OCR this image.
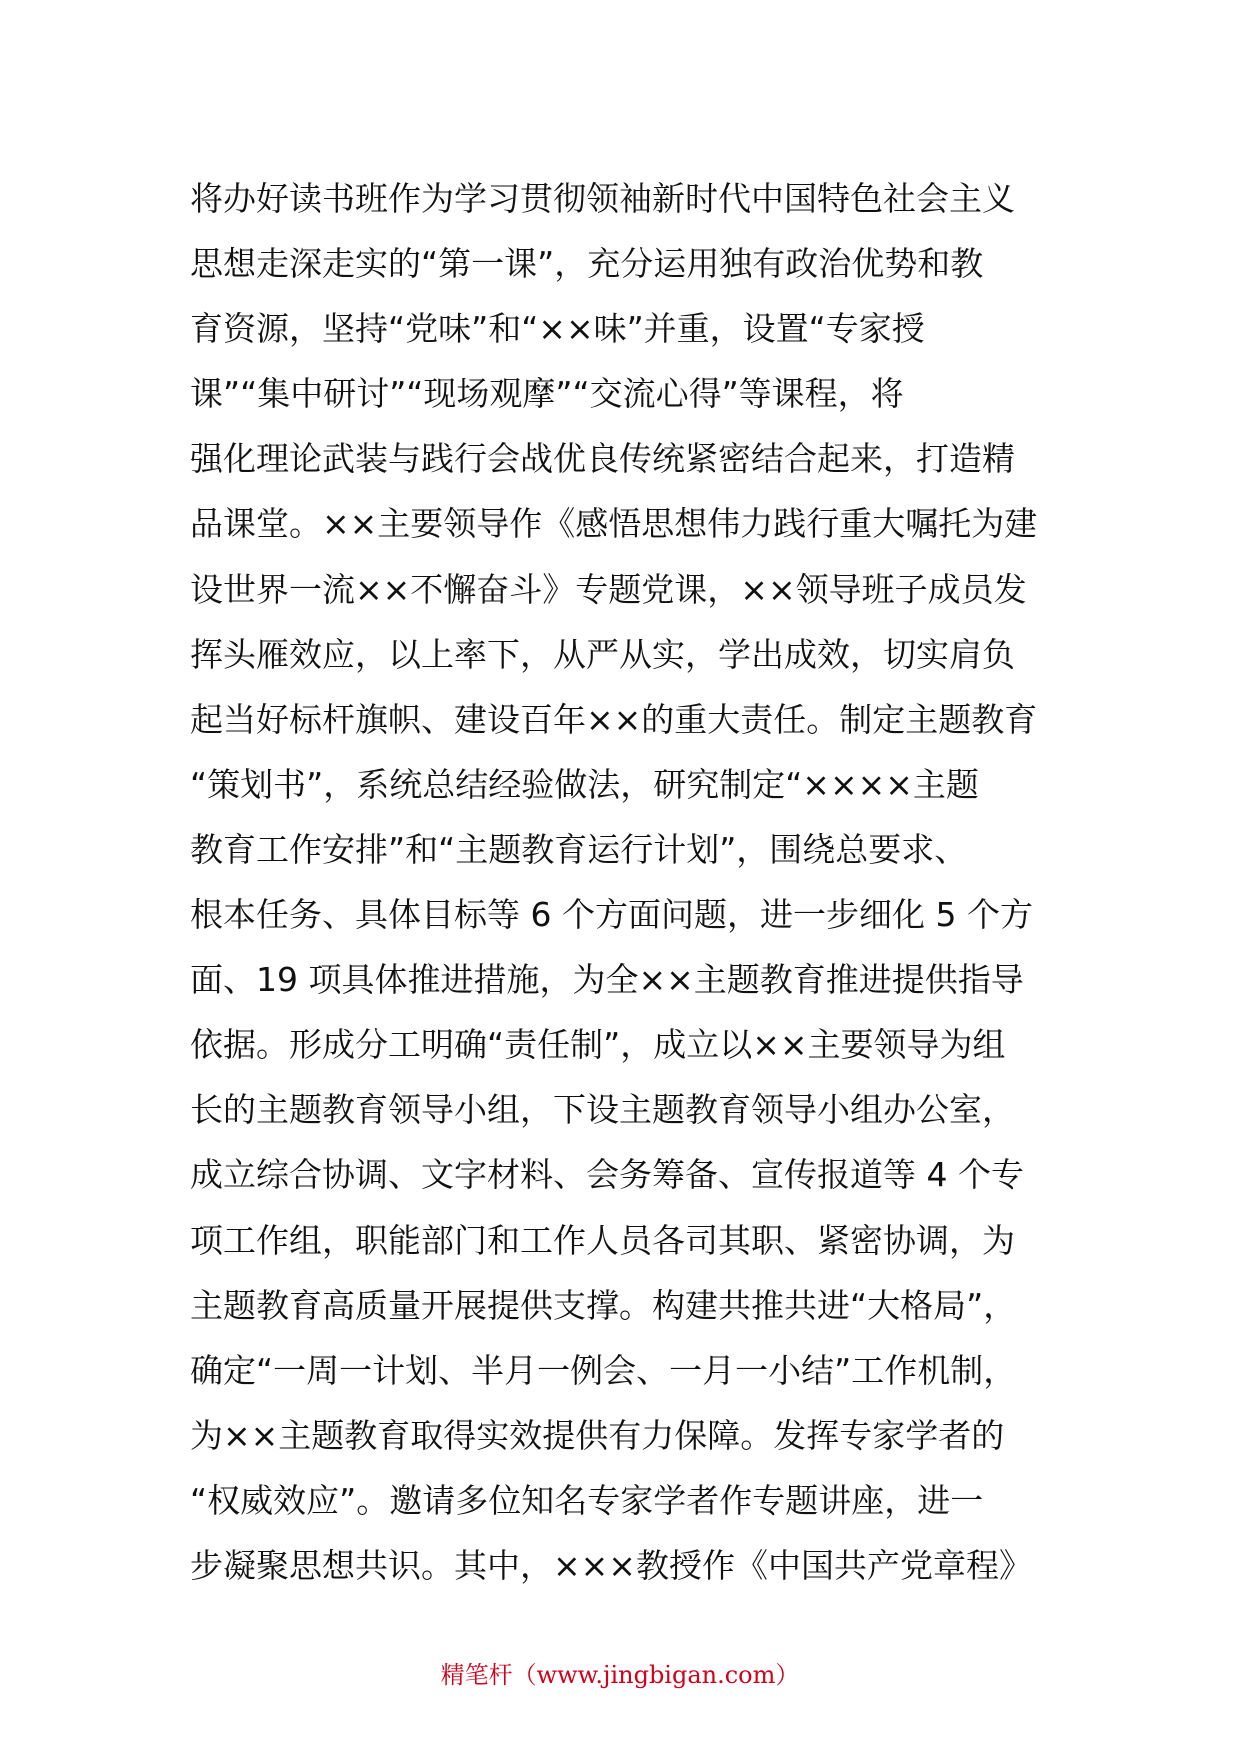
将办好读书班作为学习贯彻领袖新时代中国特色社会主义
思想走深走实的“第一课”，充分运用独有政治优势和教
育资源，坚持“党味”和“××味”并重，设置“专家授
课”“集中研讨”“现场观摩”“交流心得”等课程，将
强化理论武装与践行会战优良传统紧密结合起来，打造精
品课堂。××主要领导作《感悟思想伟力践行重大嘱托为建
设世界一流××不懈奋斗》专题党课，××领导班子成员发
挥头雁效应，以上率下，从严从实，学出成效，切实肩负
起当好标杆旗帜、建设百年××的重大责任。制定主题教育
“策划书”，系统总结经验做法，研究制定“××××主题
教育工作安排”和“主题教育运行计划”，围绕总要求、
根本任务、具体目标等 6 个方面问题，进一步细化 5 个方
面、19 项具体推进措施，为全××主题教育推进提供指导
依据。形成分工明确“责任制”，成立以××主要领导为组
长的主题教育领导小组，下设主题教育领导小组办公室，
成立综合协调、文字材料、会务筹备、宣传报道等 4 个专
项工作组，职能部门和工作人员各司其职、紧密协调，为
主题教育高质量开展提供支撑。构建共推共进“大格局”，
确定“一周一计划、半月一例会、一月一小结”工作机制，
为××主题教育取得实效提供有力保障。发挥专家学者的
“权威效应”。邀请多位知名专家学者作专题讲座，进一
步凝聚思想共识。其中，×××教授作《中国共产党章程》
精笔杆（www.jingbigan.com）
